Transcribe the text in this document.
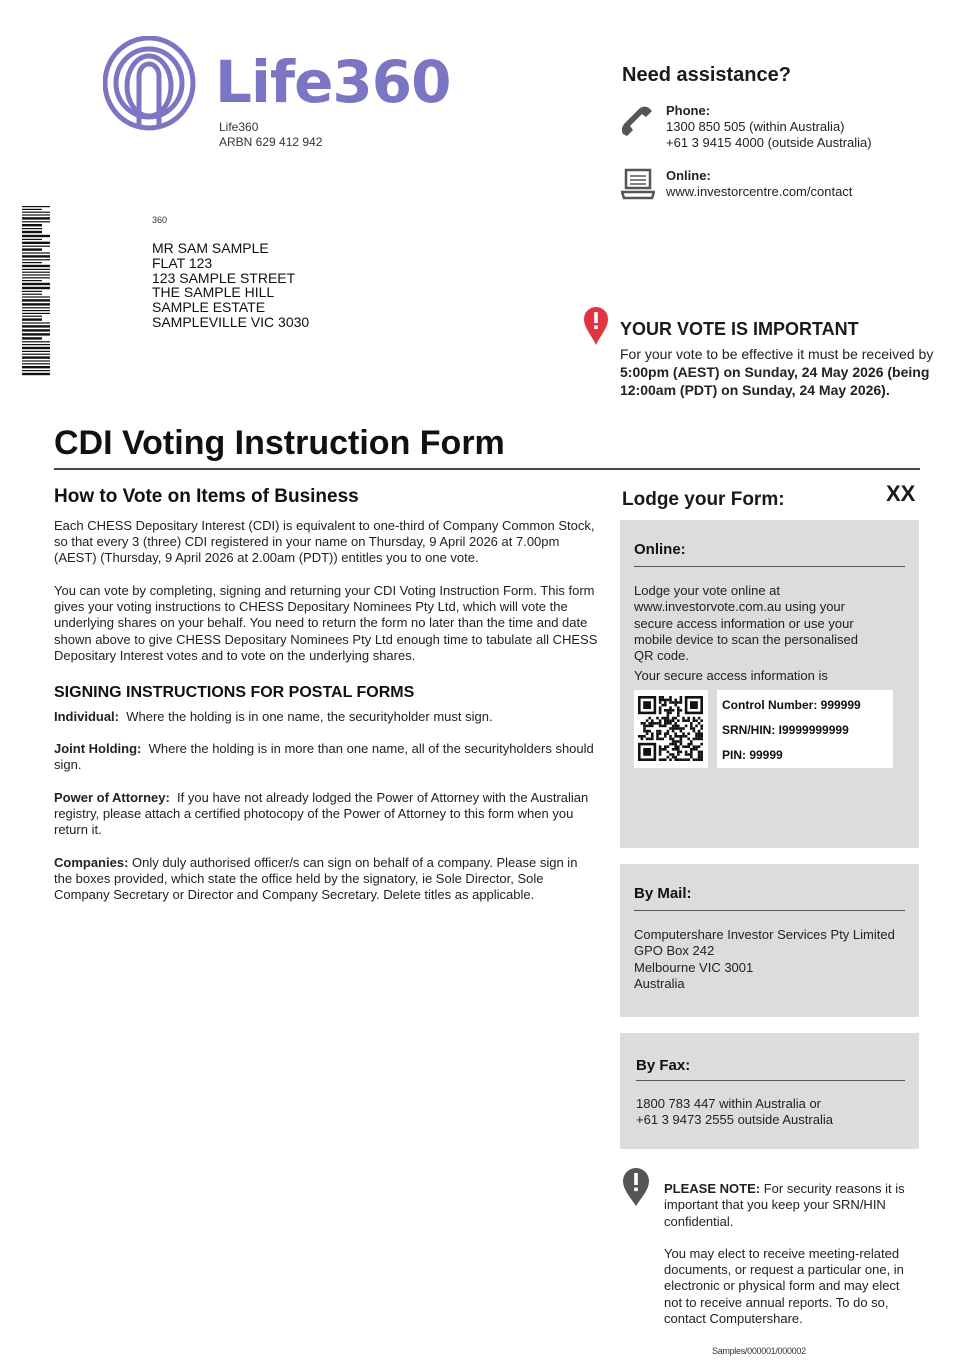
Life360
Life360
ARBN 629 412 942
360
MR SAM SAMPLE
FLAT 123
123 SAMPLE STREET
THE SAMPLE HILL
SAMPLE ESTATE
SAMPLEVILLE VIC 3030
Need assistance?
Phone:
1300 850 505 (within Australia)
+61 3 9415 4000 (outside Australia)
Online:
www.investorcentre.com/contact
YOUR VOTE IS IMPORTANT
For your vote to be effective it must be received by 5:00pm (AEST) on Sunday, 24 May 2026 (being 12:00am (PDT) on Sunday, 24 May 2026).
CDI Voting Instruction Form
How to Vote on Items of Business
Each CHESS Depositary Interest (CDI) is equivalent to one-third of Company Common Stock, so that every 3 (three) CDI registered in your name on Thursday, 9 April 2026 at 7.00pm (AEST) (Thursday, 9 April 2026 at 2.00am (PDT)) entitles you to one vote.
You can vote by completing, signing and returning your CDI Voting Instruction Form. This form gives your voting instructions to CHESS Depositary Nominees Pty Ltd, which will vote the underlying shares on your behalf. You need to return the form no later than the time and date shown above to give CHESS Depositary Nominees Pty Ltd enough time to tabulate all CHESS Depositary Interest votes and to vote on the underlying shares.
SIGNING INSTRUCTIONS FOR POSTAL FORMS
Individual: Where the holding is in one name, the securityholder must sign.
Joint Holding: Where the holding is in more than one name, all of the securityholders should sign.
Power of Attorney: If you have not already lodged the Power of Attorney with the Australian registry, please attach a certified photocopy of the Power of Attorney to this form when you return it.
Companies: Only duly authorised officer/s can sign on behalf of a company. Please sign in the boxes provided, which state the office held by the signatory, ie Sole Director, Sole Company Secretary or Director and Company Secretary. Delete titles as applicable.
Lodge your Form:	XX
Online:
Lodge your vote online at www.investorvote.com.au using your secure access information or use your mobile device to scan the personalised QR code.
Your secure access information is
Control Number: 999999
SRN/HIN: I9999999999
PIN: 99999
By Mail:
Computershare Investor Services Pty Limited
GPO Box 242
Melbourne VIC 3001
Australia
By Fax:
1800 783 447 within Australia or
+61 3 9473 2555 outside Australia
PLEASE NOTE: For security reasons it is important that you keep your SRN/HIN confidential.
You may elect to receive meeting-related documents, or request a particular one, in electronic or physical form and may elect not to receive annual reports. To do so, contact Computershare.
Samples/000001/000002
